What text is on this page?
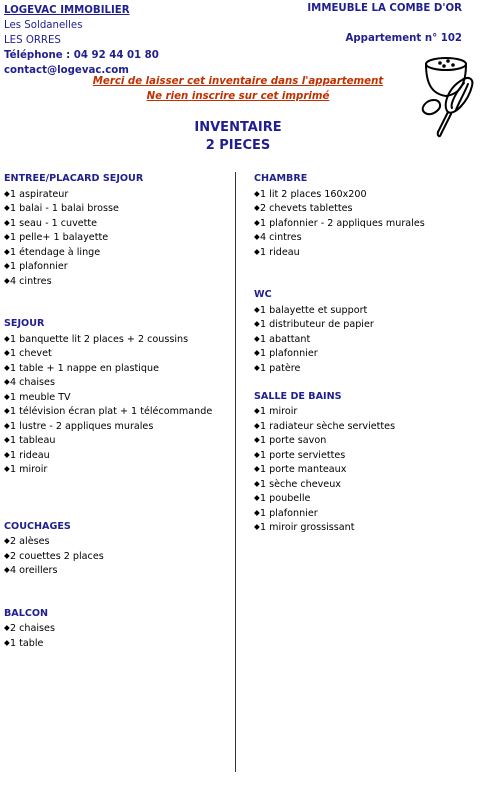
LOGEVAC IMMOBILIER
Les Soldanelles
LES ORRES
Téléphone : 04 92 44 01 80
contact@logevac.com
IMMEUBLE LA COMBE D'OR
Appartement n° 102
Merci de laisser cet inventaire dans l'appartement
Ne rien inscrire sur cet imprimé
INVENTAIRE
2 PIECES
ENTREE/PLACARD SEJOUR
◆1 aspirateur
◆1 balai - 1 balai brosse
◆1 seau - 1 cuvette
◆1 pelle+ 1 balayette
◆1 étendage à linge
◆1 plafonnier
◆4 cintres
SEJOUR
◆1 banquette lit 2 places + 2 coussins
◆1 chevet
◆1 table + 1 nappe en plastique
◆4 chaises
◆1 meuble TV
◆1 télévision écran plat + 1 télécommande
◆1 lustre - 2 appliques murales
◆1 tableau
◆1 rideau
◆1 miroir
COUCHAGES
◆2 alèses
◆2 couettes 2 places
◆4 oreillers
BALCON
◆2 chaises
◆1 table
CHAMBRE
◆1 lit 2 places 160x200
◆2 chevets tablettes
◆1 plafonnier - 2 appliques murales
◆4 cintres
◆1 rideau
WC
◆1 balayette et support
◆1 distributeur de papier
◆1 abattant
◆1 plafonnier
◆1 patère
SALLE DE BAINS
◆1 miroir
◆1 radiateur sèche serviettes
◆1 porte savon
◆1 porte serviettes
◆1 porte manteaux
◆1 sèche cheveux
◆1 poubelle
◆1 plafonnier
◆1 miroir grossissant
